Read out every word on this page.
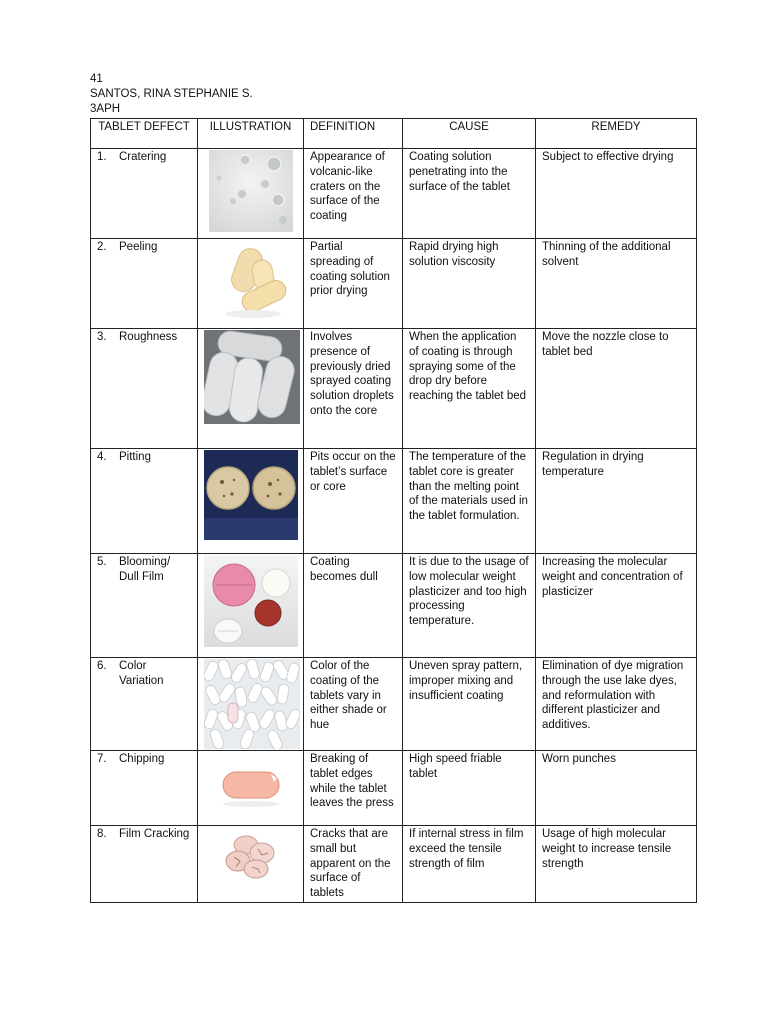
41
SANTOS, RINA STEPHANIE S.
3APH
TABLET DEFECT	ILLUSTRATION	DEFINITION	CAUSE	REMEDY

1. Cratering		Appearance of volcanic-like craters on the surface of the coating	Coating solution penetrating into the surface of the tablet	Subject to effective drying

2. Peeling		Partial spreading of coating solution prior drying	Rapid drying high solution viscosity	Thinning of the additional solvent

3. Roughness		Involves presence of previously dried sprayed coating solution droplets onto the core	When the application of coating is through spraying some of the drop dry before reaching the tablet bed	Move the nozzle close to tablet bed

4. Pitting		Pits occur on the tablet’s surface or core	The temperature of the tablet core is greater than the melting point of the materials used in the tablet formulation.	Regulation in drying temperature

5. Blooming/ Dull Film		Coating becomes dull	It is due to the usage of low molecular weight plasticizer and too high processing temperature.	Increasing the molecular weight and concentration of plasticizer

6. Color Variation		Color of the coating of the tablets vary in either shade or hue	Uneven spray pattern, improper mixing and insufficient coating	Elimination of dye migration through the use lake dyes, and reformulation with different plasticizer and additives.

7. Chipping		Breaking of tablet edges while the tablet leaves the press	High speed friable tablet	Worn punches

8. Film Cracking		Cracks that are small but apparent on the surface of tablets	If internal stress in film exceed the tensile strength of film	Usage of high molecular weight to increase tensile strength
